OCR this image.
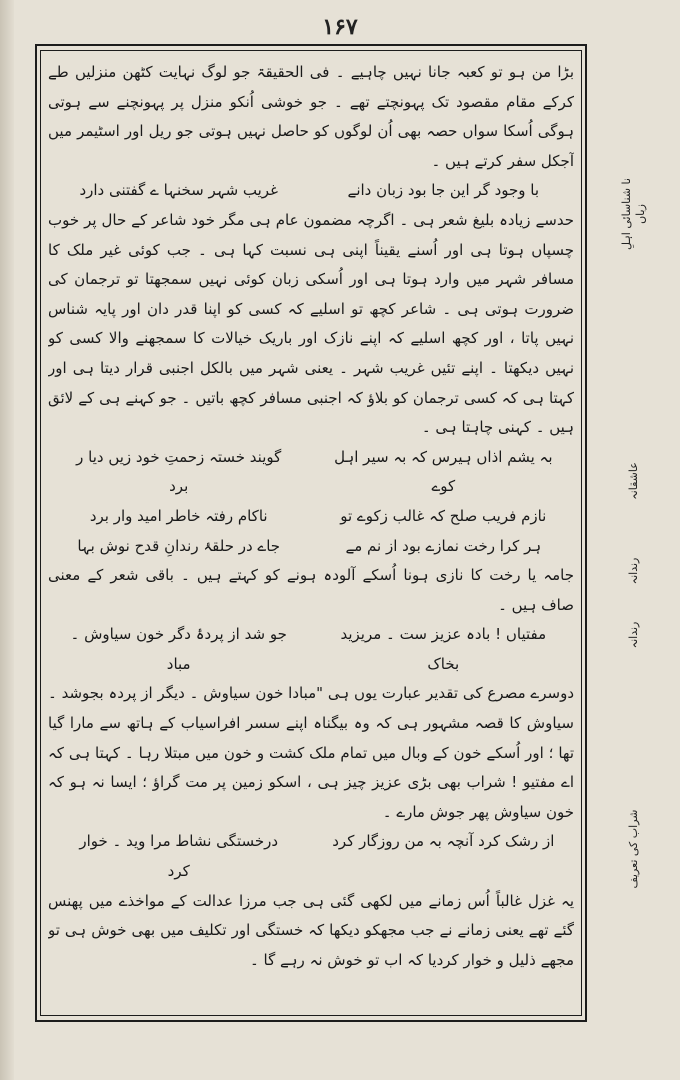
۱۶۷

بڑا من ہو تو کعبہ جانا نہیں چاہیے ۔ فی الحقیقۃ جو لوگ نہایت کٹھن منزلیں طے کرکے مقام مقصود تک پہونچتے تھے ۔ جو خوشی اُنکو منزل پر پہونچنے سے ہوتی ہوگی اُسکا سواں حصہ بھی اُن لوگوں کو حاصل نہیں ہوتی جو ریل اور اسٹیمر میں آجکل سفر کرتے ہیں ۔

با وجود گر این جا بود زبان دانے
غریب شہر سخنہا ے گفتنی دارد

حدسے زیادہ بلیغ شعر ہی ۔ اگرچہ مضمون عام ہی مگر خود شاعر کے حال پر خوب چسپاں ہوتا ہی اور اُسنے یقیناً اپنی ہی نسبت کہا ہی ۔ جب کوئی غیر ملک کا مسافر شہر میں وارد ہوتا ہی اور اُسکی زبان کوئی نہیں سمجھتا تو ترجمان کی ضرورت ہوتی ہی ۔ شاعر کچھ تو اسلیے کہ کسی کو اپنا قدر دان اور پایہ شناس نہیں پاتا ، اور کچھ اسلیے کہ اپنے نازک اور باریک خیالات کا سمجھنے والا کسی کو نہیں دیکھتا ۔ اپنے تئیں غریب شہر ۔ یعنی شہر میں بالکل اجنبی قرار دیتا ہی اور کہتا ہی کہ کسی ترجمان کو بلاؤ کہ اجنبی مسافر کچھ باتیں ۔ جو کہنے ہی کے لائق ہیں ۔ کہنی چاہتا ہی ۔

بہ یشم اذاں ہیرس کہ بہ سیر اہل کوے
گویند خستہ زحمتِ خود زیں دیا ر برد
نازم فریب صلح کہ غالب زکوے تو
ناکام رفتہ خاطر امید وار برد
ہر کرا رخت نمازے بود از نم مے
جاے در حلقۂ رندانِ قدح نوش بہا

جامہ یا رخت کا نازی ہونا اُسکے آلودہ ہونے کو کہتے ہیں ۔ باقی شعر کے معنی صاف ہیں ۔

مفتیاں ! بادہ عزیز ست ۔ مریزید بخاک
جو شد از پردۂ دگر خون سیاوش ۔ مباد

دوسرے مصرع کی تقدیر عبارت یوں ہی "مبادا خون سیاوش ۔ دیگر از پردہ بجوشد ۔ سیاوش کا قصہ مشہور ہی کہ وہ بیگناہ اپنے سسر افراسیاب کے ہاتھ سے مارا گیا تھا ؛ اور اُسکے خون کے وبال میں تمام ملک کشت و خون میں مبتلا رہا ۔ کہتا ہی کہ اے مفتیو ! شراب بھی بڑی عزیز چیز ہی ، اسکو زمین پر مت گراؤ ؛ ایسا نہ ہو کہ خون سیاوش پھر جوش مارے ۔

از رشک کرد آنچہ بہ من روزگار کرد
درخستگی نشاط مرا وید ۔ خوار کرد

یہ غزل غالباً اُس زمانے میں لکھی گئی ہی جب مرزا عدالت کے مواخذے میں پھنس گئے تھے یعنی زمانے نے جب مجھکو دیکھا کہ خستگی اور تکلیف میں بھی خوش ہی تو مجھے ذلیل و خوار کردیا کہ اب تو خوش نہ رہے گا ۔

نا شناسائی اہلِ زباں
عاشقانہ
رندانہ
رندانہ
شراب کی تعریف
